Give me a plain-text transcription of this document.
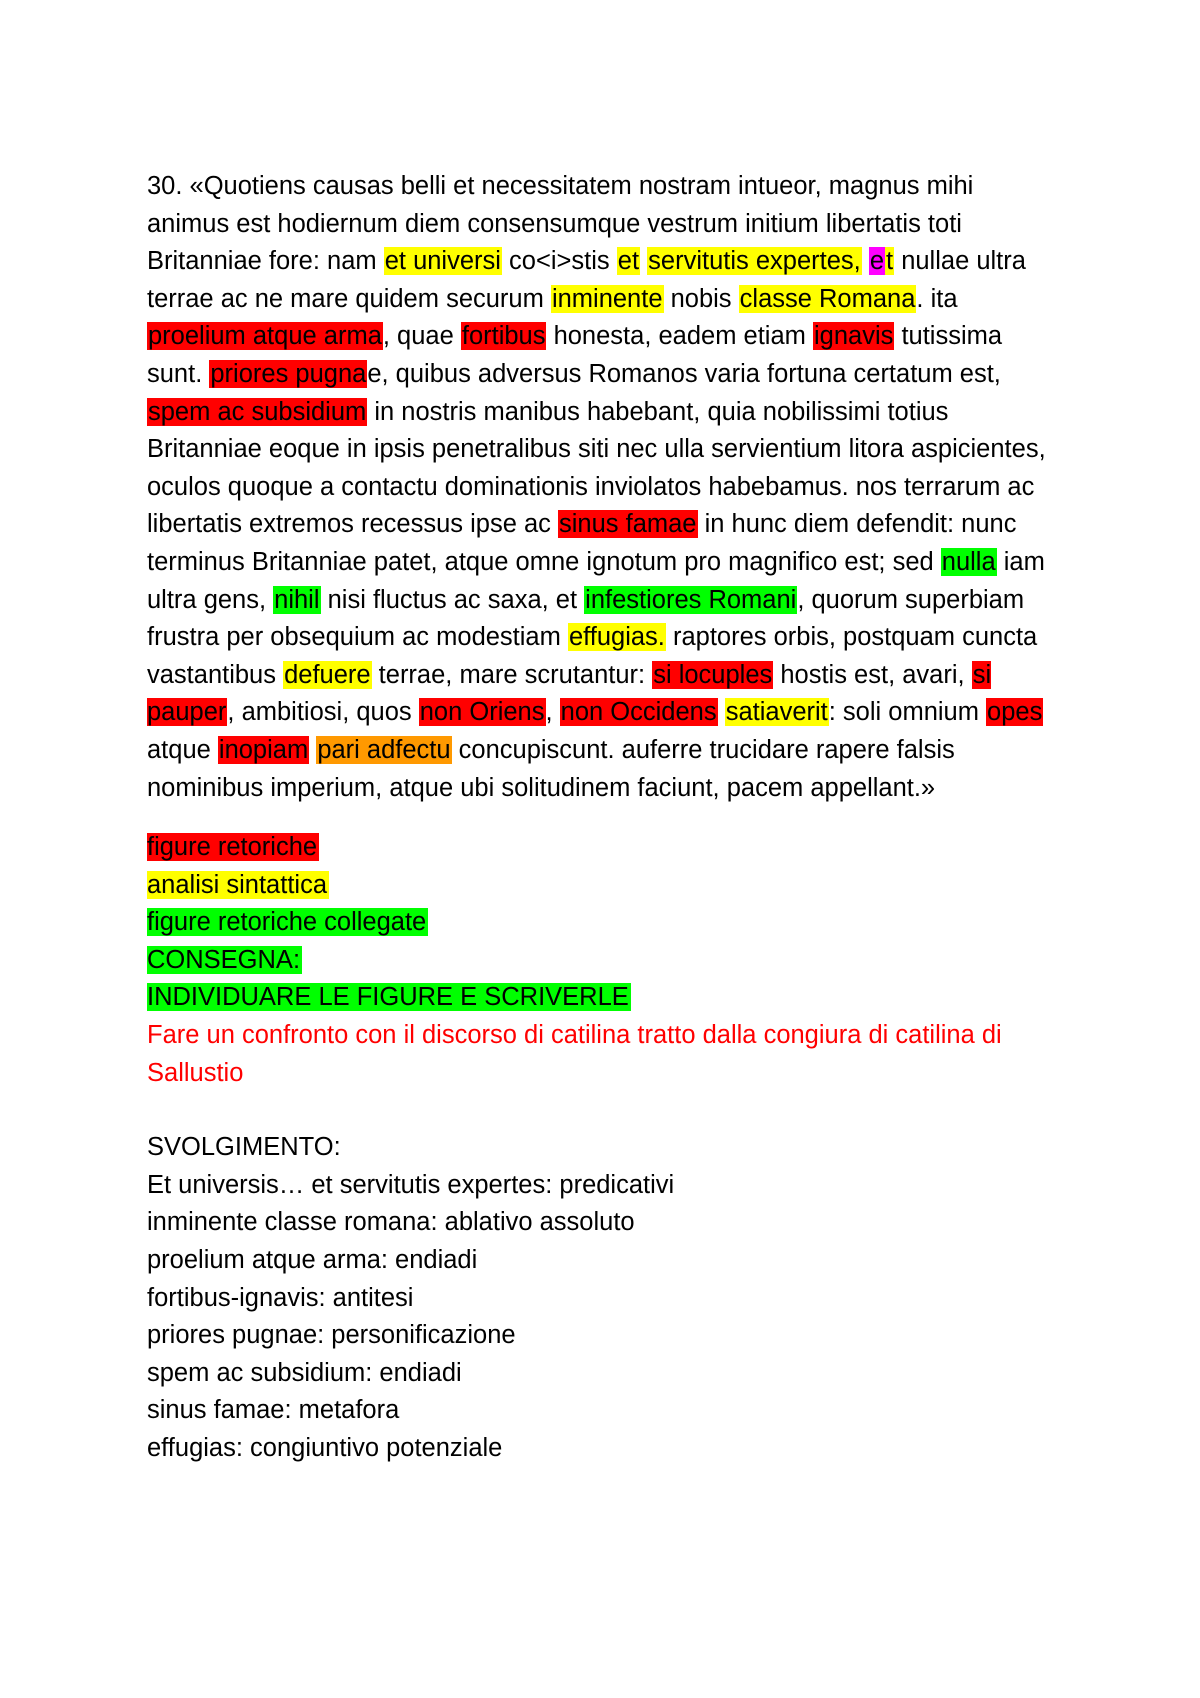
30. «Quotiens causas belli et necessitatem nostram intueor, magnus mihi animus est hodiernum diem consensumque vestrum initium libertatis toti Britanniae fore: nam et universi co<i>stis et servitutis expertes, et nullae ultra terrae ac ne mare quidem securum inminente nobis classe Romana. ita proelium atque arma, quae fortibus honesta, eadem etiam ignavis tutissima sunt. priores pugnae, quibus adversus Romanos varia fortuna certatum est, spem ac subsidium in nostris manibus habebant, quia nobilissimi totius Britanniae eoque in ipsis penetralibus siti nec ulla servientium litora aspicientes, oculos quoque a contactu dominationis inviolatos habebamus. nos terrarum ac libertatis extremos recessus ipse ac sinus famae in hunc diem defendit: nunc terminus Britanniae patet, atque omne ignotum pro magnifico est; sed nulla iam ultra gens, nihil nisi fluctus ac saxa, et infestiores Romani, quorum superbiam frustra per obsequium ac modestiam effugias. raptores orbis, postquam cuncta vastantibus defuere terrae, mare scrutantur: si locuples hostis est, avari, si pauper, ambitiosi, quos non Oriens, non Occidens satiaverit: soli omnium opes atque inopiam pari adfectu concupiscunt. auferre trucidare rapere falsis nominibus imperium, atque ubi solitudinem faciunt, pacem appellant.»

figure retoriche
analisi sintattica
figure retoriche collegate
CONSEGNA:
INDIVIDUARE LE FIGURE E SCRIVERLE
Fare un confronto con il discorso di catilina tratto dalla congiura di catilina di Sallustio
SVOLGIMENTO:
Et universis… et servitutis expertes: predicativi
inminente classe romana: ablativo assoluto
proelium atque arma: endiadi
fortibus-ignavis: antitesi
priores pugnae: personificazione
spem ac subsidium: endiadi
sinus famae: metafora
effugias: congiuntivo potenziale
